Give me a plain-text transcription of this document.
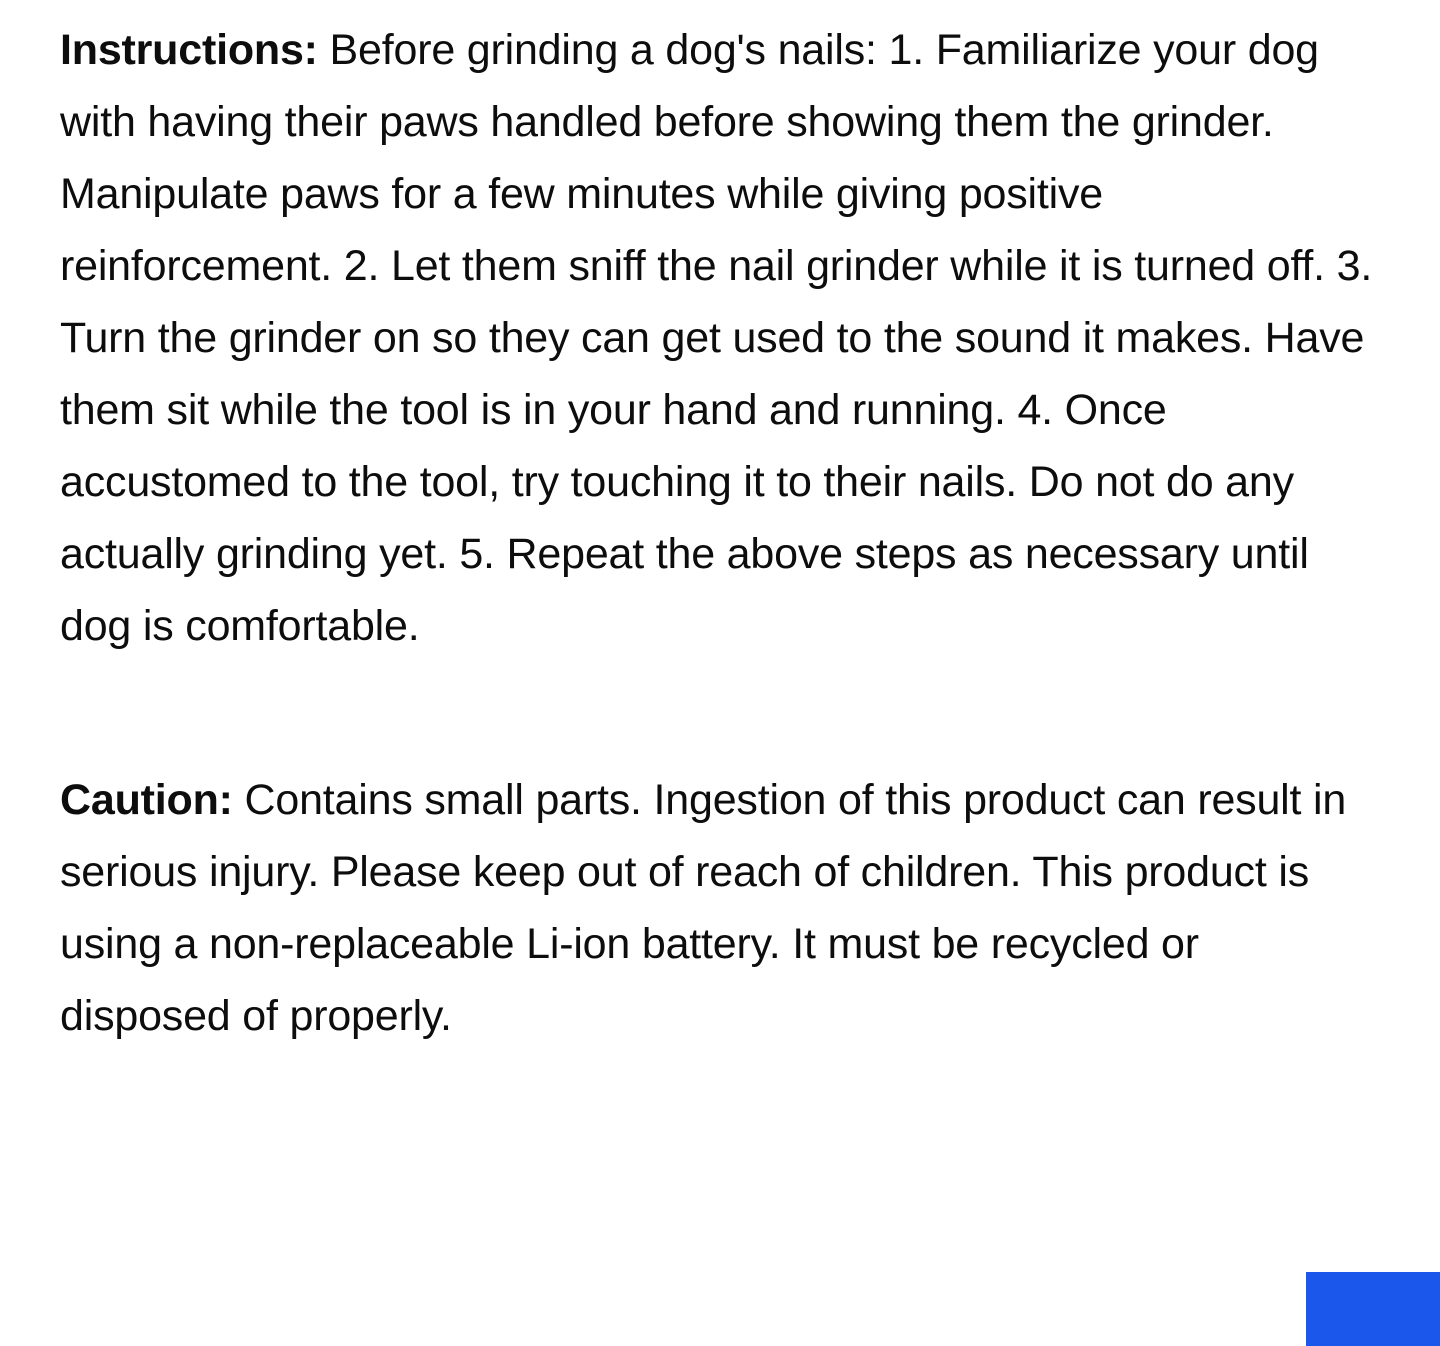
Instructions: Before grinding a dog's nails: 1. Familiarize your dog with having their paws handled before showing them the grinder. Manipulate paws for a few minutes while giving positive reinforcement. 2. Let them sniff the nail grinder while it is turned off. 3. Turn the grinder on so they can get used to the sound it makes. Have them sit while the tool is in your hand and running. 4. Once accustomed to the tool, try touching it to their nails. Do not do any actually grinding yet. 5. Repeat the above steps as necessary until dog is comfortable.

Caution: Contains small parts. Ingestion of this product can result in serious injury. Please keep out of reach of children. This product is using a non-replaceable Li-ion battery. It must be recycled or disposed of properly.
